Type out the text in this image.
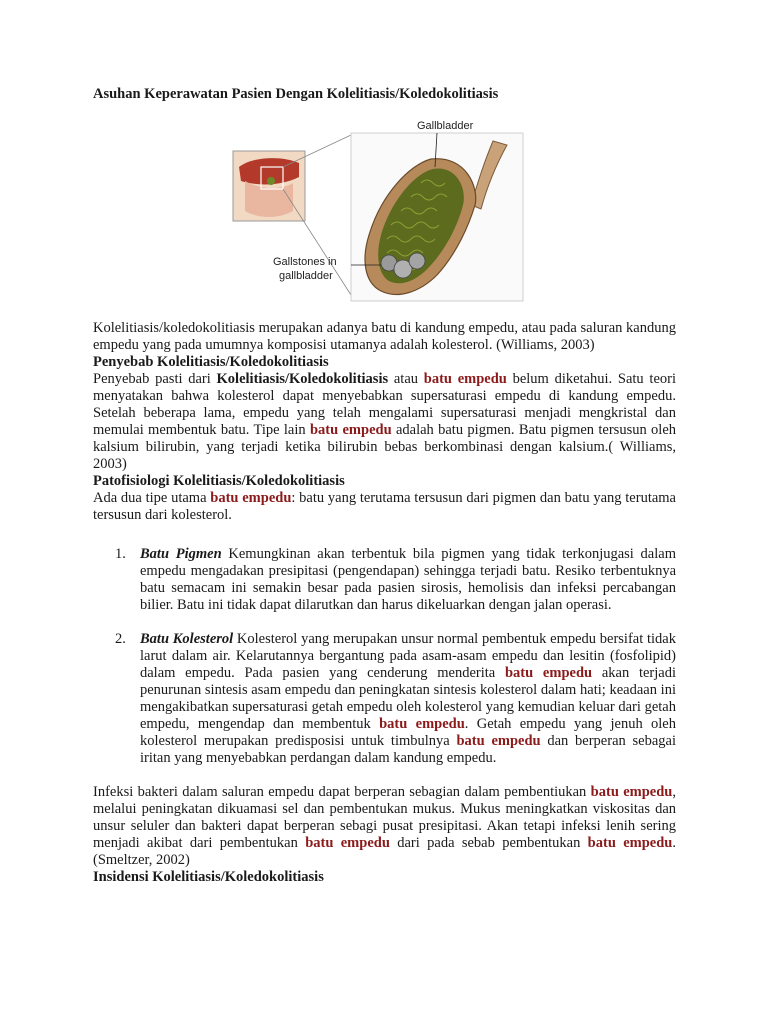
Asuhan Keperawatan Pasien Dengan Kolelitiasis/Koledokolitiasis

Gallbladder
Gallstones in
gallbladder

Kolelitiasis/koledokolitiasis merupakan adanya batu di kandung empedu, atau pada saluran kandung empedu yang pada umumnya komposisi utamanya adalah kolesterol. (Williams, 2003)

Penyebab Kolelitiasis/Koledokolitiasis

Penyebab pasti dari Kolelitiasis/Koledokolitiasis atau batu empedu belum diketahui. Satu teori menyatakan bahwa kolesterol dapat menyebabkan supersaturasi empedu di kandung empedu. Setelah beberapa lama, empedu yang telah mengalami supersaturasi menjadi mengkristal dan memulai membentuk batu. Tipe lain batu empedu adalah batu pigmen. Batu pigmen tersusun oleh kalsium bilirubin, yang terjadi ketika bilirubin bebas berkombinasi dengan kalsium.( Williams, 2003)

Patofisiologi Kolelitiasis/Koledokolitiasis

Ada dua tipe utama batu empedu: batu yang terutama tersusun dari pigmen dan batu yang terutama tersusun dari kolesterol.

1. Batu Pigmen Kemungkinan akan terbentuk bila pigmen yang tidak terkonjugasi dalam empedu mengadakan presipitasi (pengendapan) sehingga terjadi batu. Resiko terbentuknya batu semacam ini semakin besar pada pasien sirosis, hemolisis dan infeksi percabangan bilier. Batu ini tidak dapat dilarutkan dan harus dikeluarkan dengan jalan operasi.

2. Batu Kolesterol Kolesterol yang merupakan unsur normal pembentuk empedu bersifat tidak larut dalam air. Kelarutannya bergantung pada asam-asam empedu dan lesitin (fosfolipid) dalam empedu. Pada pasien yang cenderung menderita batu empedu akan terjadi penurunan sintesis asam empedu dan peningkatan sintesis kolesterol dalam hati; keadaan ini mengakibatkan supersaturasi getah empedu oleh kolesterol yang kemudian keluar dari getah empedu, mengendap dan membentuk batu empedu. Getah empedu yang jenuh oleh kolesterol merupakan predisposisi untuk timbulnya batu empedu dan berperan sebagai iritan yang menyebabkan perdangan dalam kandung empedu.

Infeksi bakteri dalam saluran empedu dapat berperan sebagian dalam pembentiukan batu empedu, melalui peningkatan dikuamasi sel dan pembentukan mukus. Mukus meningkatkan viskositas dan unsur seluler dan bakteri dapat berperan sebagi pusat presipitasi. Akan tetapi infeksi lenih sering menjadi akibat dari pembentukan batu empedu dari pada sebab pembentukan batu empedu.(Smeltzer, 2002)

Insidensi Kolelitiasis/Koledokolitiasis
